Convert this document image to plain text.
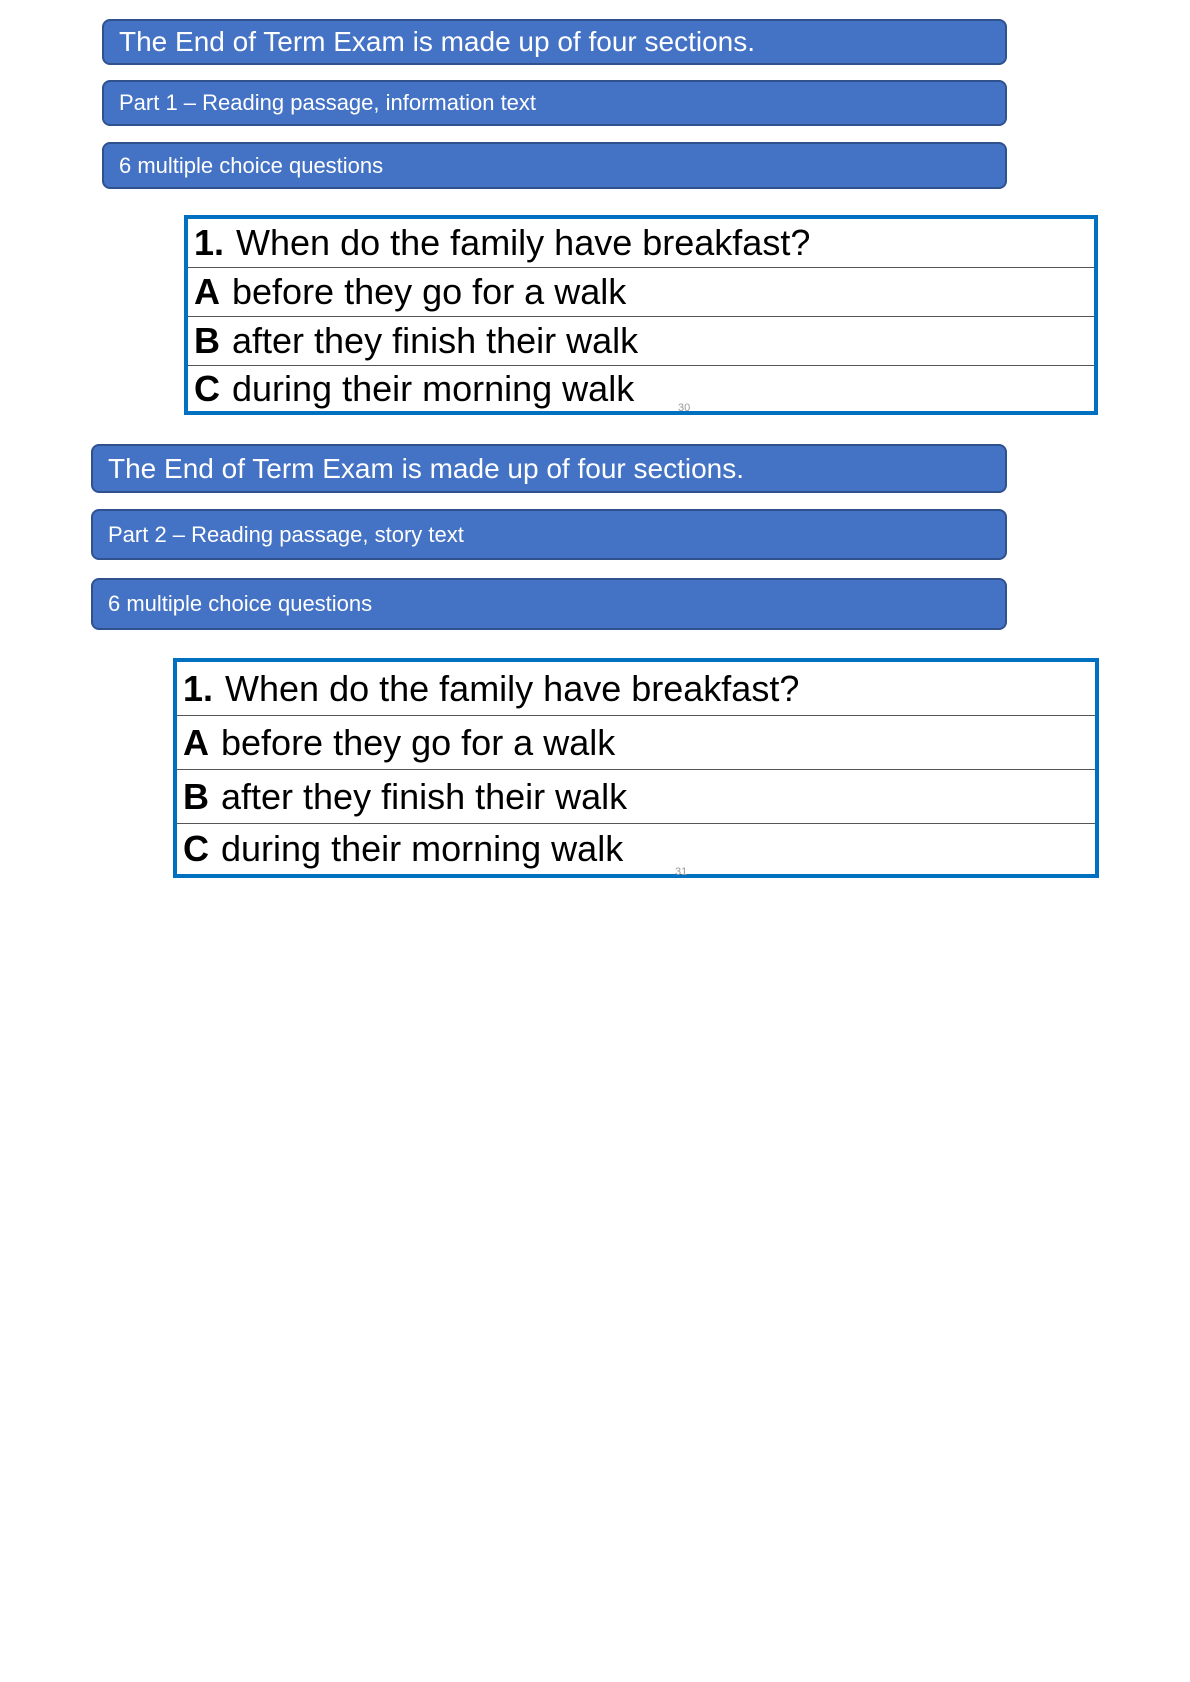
The End of Term Exam is made up of four sections.
Part 1 – Reading passage, information text
6 multiple choice questions
1. When do the family have breakfast?
A before they go for a walk
B after they finish their walk
C during their morning walk	30
The End of Term Exam is made up of four sections.
Part 2 – Reading passage, story text
6 multiple choice questions
1. When do the family have breakfast?
A before they go for a walk
B after they finish their walk
C during their morning walk
31
